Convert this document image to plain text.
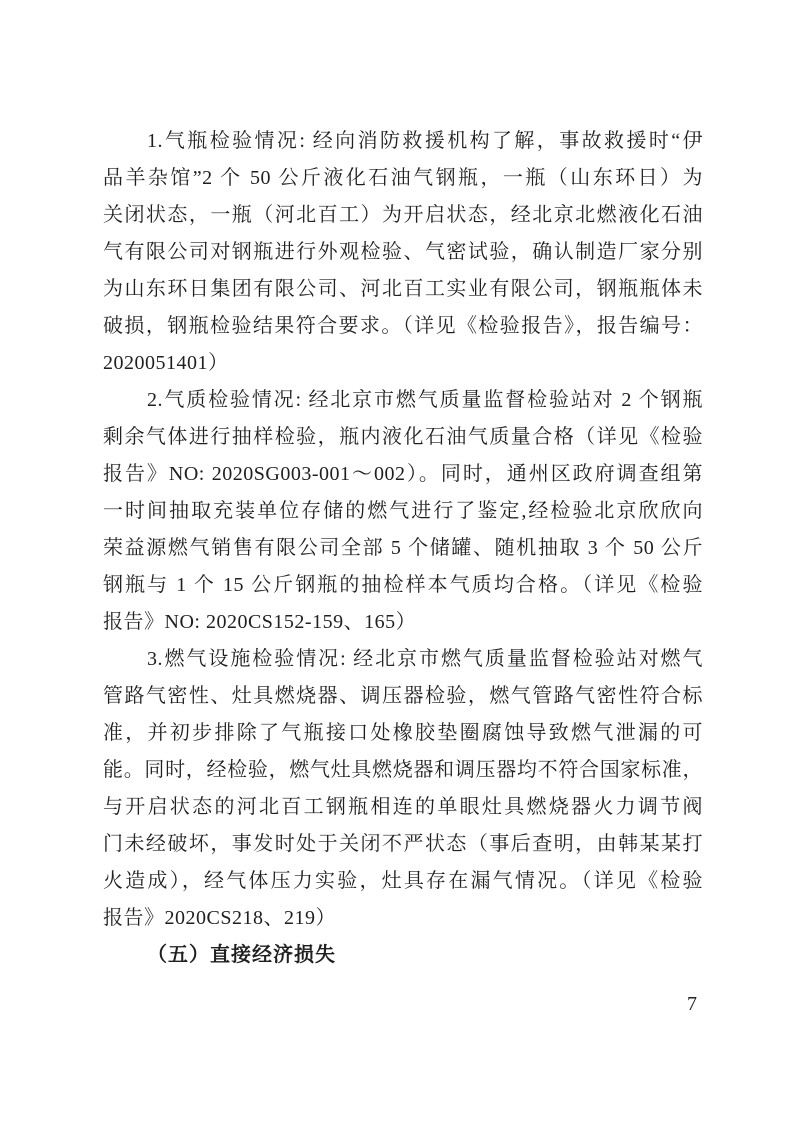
1.气瓶检验情况: 经向消防救援机构了解，事故救援时“伊
品羊杂馆”2 个 50 公斤液化石油气钢瓶，一瓶（山东环日）为
关闭状态，一瓶（河北百工）为开启状态，经北京北燃液化石油
气有限公司对钢瓶进行外观检验、气密试验，确认制造厂家分别
为山东环日集团有限公司、河北百工实业有限公司，钢瓶瓶体未
破损，钢瓶检验结果符合要求。（详见《检验报告》，报告编号：
2020051401）
2.气质检验情况: 经北京市燃气质量监督检验站对 2 个钢瓶
剩余气体进行抽样检验，瓶内液化石油气质量合格（详见《检验
报告》NO: 2020SG003-001～002）。同时，通州区政府调查组第
一时间抽取充装单位存储的燃气进行了鉴定,经检验北京欣欣向
荣益源燃气销售有限公司全部 5 个储罐、随机抽取 3 个 50 公斤
钢瓶与 1 个 15 公斤钢瓶的抽检样本气质均合格。（详见《检验
报告》NO: 2020CS152-159、165）
3.燃气设施检验情况: 经北京市燃气质量监督检验站对燃气
管路气密性、灶具燃烧器、调压器检验，燃气管路气密性符合标
准，并初步排除了气瓶接口处橡胶垫圈腐蚀导致燃气泄漏的可
能。同时，经检验，燃气灶具燃烧器和调压器均不符合国家标准，
与开启状态的河北百工钢瓶相连的单眼灶具燃烧器火力调节阀
门未经破坏，事发时处于关闭不严状态（事后查明，由韩某某打
火造成），经气体压力实验，灶具存在漏气情况。（详见《检验
报告》2020CS218、219）
（五）直接经济损失
7
